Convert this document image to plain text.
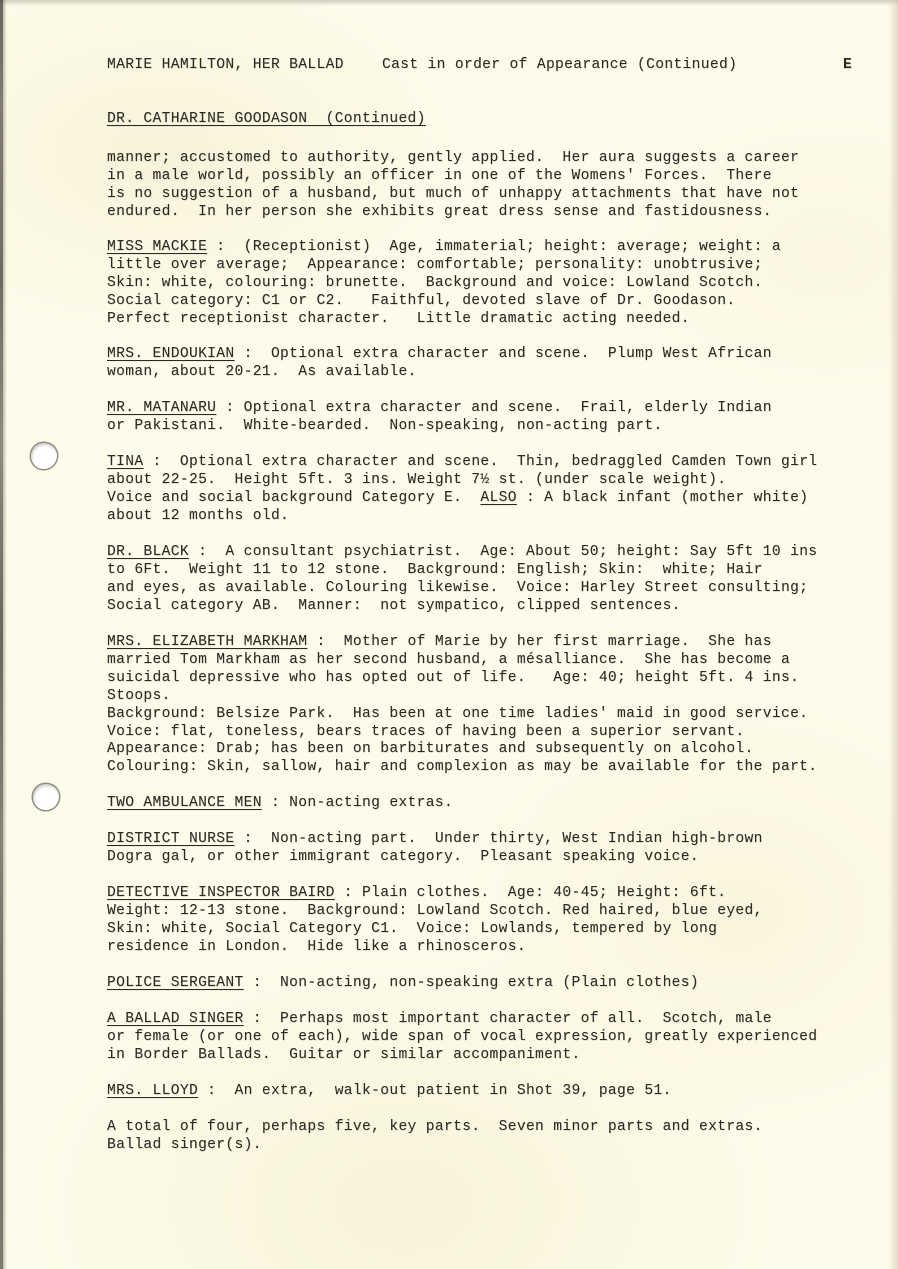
MARIE HAMILTON, HER BALLAD	Cast in order of Appearance (Continued)	E
DR. CATHARINE GOODASON  (Continued)
manner; accustomed to authority, gently applied.  Her aura suggests a career
in a male world, possibly an officer in one of the Womens' Forces.  There
is no suggestion of a husband, but much of unhappy attachments that have not
endured.  In her person she exhibits great dress sense and fastidousness.
MISS MACKIE :  (Receptionist)  Age, immaterial; height: average; weight: a
little over average;  Appearance: comfortable; personality: unobtrusive;
Skin: white, colouring: brunette.  Background and voice: Lowland Scotch.
Social category: C1 or C2.   Faithful, devoted slave of Dr. Goodason.
Perfect receptionist character.   Little dramatic acting needed.
MRS. ENDOUKIAN :  Optional extra character and scene.  Plump West African
woman, about 20-21.  As available.
MR. MATANARU : Optional extra character and scene.  Frail, elderly Indian
or Pakistani.  White-bearded.  Non-speaking, non-acting part.
TINA :  Optional extra character and scene.  Thin, bedraggled Camden Town girl
about 22-25.  Height 5ft. 3 ins. Weight 7½ st. (under scale weight).
Voice and social background Category E.  ALSO : A black infant (mother white)
about 12 months old.
DR. BLACK :  A consultant psychiatrist.  Age: About 50; height: Say 5ft 10 ins
to 6Ft.  Weight 11 to 12 stone.  Background: English; Skin:  white; Hair
and eyes, as available. Colouring likewise.  Voice: Harley Street consulting;
Social category AB.  Manner:  not sympatico, clipped sentences.
MRS. ELIZABETH MARKHAM :  Mother of Marie by her first marriage.  She has
married Tom Markham as her second husband, a mésalliance.  She has become a
suicidal depressive who has opted out of life.   Age: 40; height 5ft. 4 ins.
Stoops.
Background: Belsize Park.  Has been at one time ladies' maid in good service.
Voice: flat, toneless, bears traces of having been a superior servant.
Appearance: Drab; has been on barbiturates and subsequently on alcohol.
Colouring: Skin, sallow, hair and complexion as may be available for the part.
TWO AMBULANCE MEN : Non-acting extras.
DISTRICT NURSE :  Non-acting part.  Under thirty, West Indian high-brown
Dogra gal, or other immigrant category.  Pleasant speaking voice.
DETECTIVE INSPECTOR BAIRD : Plain clothes.  Age: 40-45; Height: 6ft.
Weight: 12-13 stone.  Background: Lowland Scotch. Red haired, blue eyed,
Skin: white, Social Category C1.  Voice: Lowlands, tempered by long
residence in London.  Hide like a rhinosceros.
POLICE SERGEANT :  Non-acting, non-speaking extra (Plain clothes)
A BALLAD SINGER :  Perhaps most important character of all.  Scotch, male
or female (or one of each), wide span of vocal expression, greatly experienced
in Border Ballads.  Guitar or similar accompaniment.
MRS. LLOYD :  An extra,  walk-out patient in Shot 39, page 51.
A total of four, perhaps five, key parts.  Seven minor parts and extras.
Ballad singer(s).
